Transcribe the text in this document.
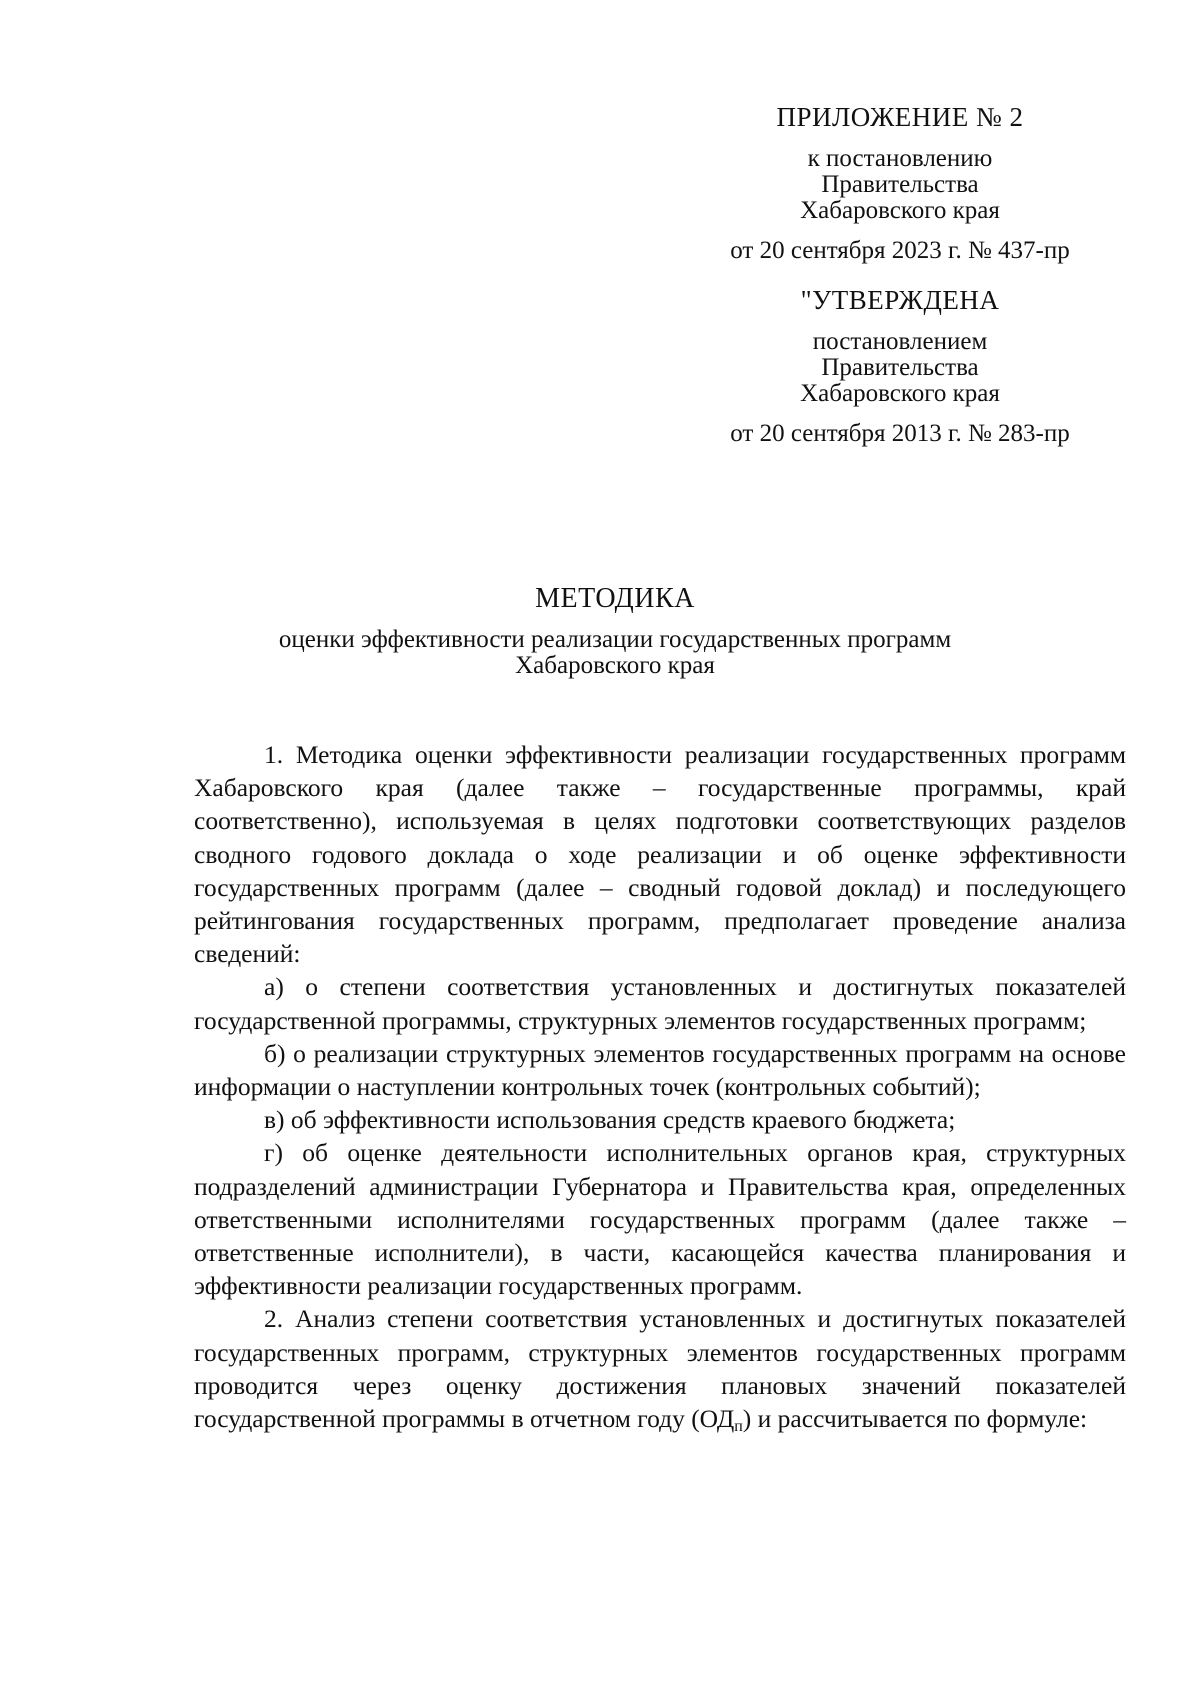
ПРИЛОЖЕНИЕ № 2
к постановлению
Правительства
Хабаровского края
от 20 сентября 2023 г. № 437-пр
"УТВЕРЖДЕНА
постановлением
Правительства
Хабаровского края
от 20 сентября 2013 г. № 283-пр
МЕТОДИКА
оценки эффективности реализации государственных программ
Хабаровского края

1. Методика оценки эффективности реализации государственных программ Хабаровского края (далее также – государственные программы, край соответственно), используемая в целях подготовки соответствующих разделов сводного годового доклада о ходе реализации и об оценке эффективности государственных программ (далее – сводный годовой доклад) и последующего рейтингования государственных программ, предполагает проведение анализа сведений:

а) о степени соответствия установленных и достигнутых показателей государственной программы, структурных элементов государственных программ;

б) о реализации структурных элементов государственных программ на основе информации о наступлении контрольных точек (контрольных событий);

в) об эффективности использования средств краевого бюджета;

г) об оценке деятельности исполнительных органов края, структурных подразделений администрации Губернатора и Правительства края, определенных ответственными исполнителями государственных программ (далее также – ответственные исполнители), в части, касающейся качества планирования и эффективности реализации государственных программ.

2. Анализ степени соответствия установленных и достигнутых показателей государственных программ, структурных элементов государственных программ проводится через оценку достижения плановых значений показателей государственной программы в отчетном году $(ОД_п)$ и рассчитывается по формуле:
